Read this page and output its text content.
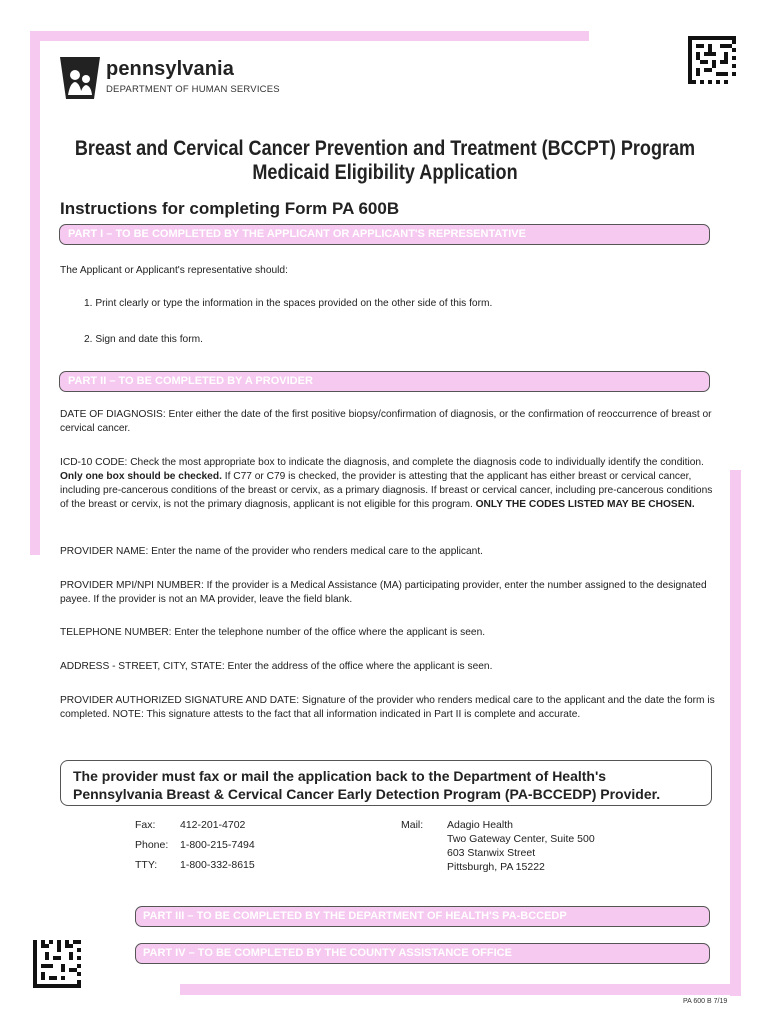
pennsylvania
DEPARTMENT OF HUMAN SERVICES
Breast and Cervical Cancer Prevention and Treatment (BCCPT) Program
Medicaid Eligibility Application
Instructions for completing Form PA 600B
PART I – TO BE COMPLETED BY THE APPLICANT OR APPLICANT'S REPRESENTATIVE
The Applicant or Applicant's representative should:
1. Print clearly or type the information in the spaces provided on the other side of this form.
2. Sign and date this form.
PART II – TO BE COMPLETED BY A PROVIDER
DATE OF DIAGNOSIS: Enter either the date of the first positive biopsy/confirmation of diagnosis, or the confirmation of reoccurrence of breast or cervical cancer.
ICD-10 CODE: Check the most appropriate box to indicate the diagnosis, and complete the diagnosis code to individually identify the condition. Only one box should be checked. If C77 or C79 is checked, the provider is attesting that the applicant has either breast or cervical cancer, including pre-cancerous conditions of the breast or cervix, as a primary diagnosis. If breast or cervical cancer, including pre-cancerous conditions of the breast or cervix, is not the primary diagnosis, applicant is not eligible for this program. ONLY THE CODES LISTED MAY BE CHOSEN.
PROVIDER NAME: Enter the name of the provider who renders medical care to the applicant.
PROVIDER MPI/NPI NUMBER: If the provider is a Medical Assistance (MA) participating provider, enter the number assigned to the designated payee. If the provider is not an MA provider, leave the field blank.
TELEPHONE NUMBER: Enter the telephone number of the office where the applicant is seen.
ADDRESS - STREET, CITY, STATE: Enter the address of the office where the applicant is seen.
PROVIDER AUTHORIZED SIGNATURE AND DATE: Signature of the provider who renders medical care to the applicant and the date the form is completed. NOTE: This signature attests to the fact that all information indicated in Part II is complete and accurate.
The provider must fax or mail the application back to the Department of Health's
Pennsylvania Breast & Cervical Cancer Early Detection Program (PA-BCCEDP) Provider.
Fax: 412-201-4702
Phone: 1-800-215-7494
TTY: 1-800-332-8615
Mail: Adagio Health
Two Gateway Center, Suite 500
603 Stanwix Street
Pittsburgh, PA 15222
PART III – TO BE COMPLETED BY THE DEPARTMENT OF HEALTH'S PA-BCCEDP
PART IV – TO BE COMPLETED BY THE COUNTY ASSISTANCE OFFICE
PA 600 B 7/19
